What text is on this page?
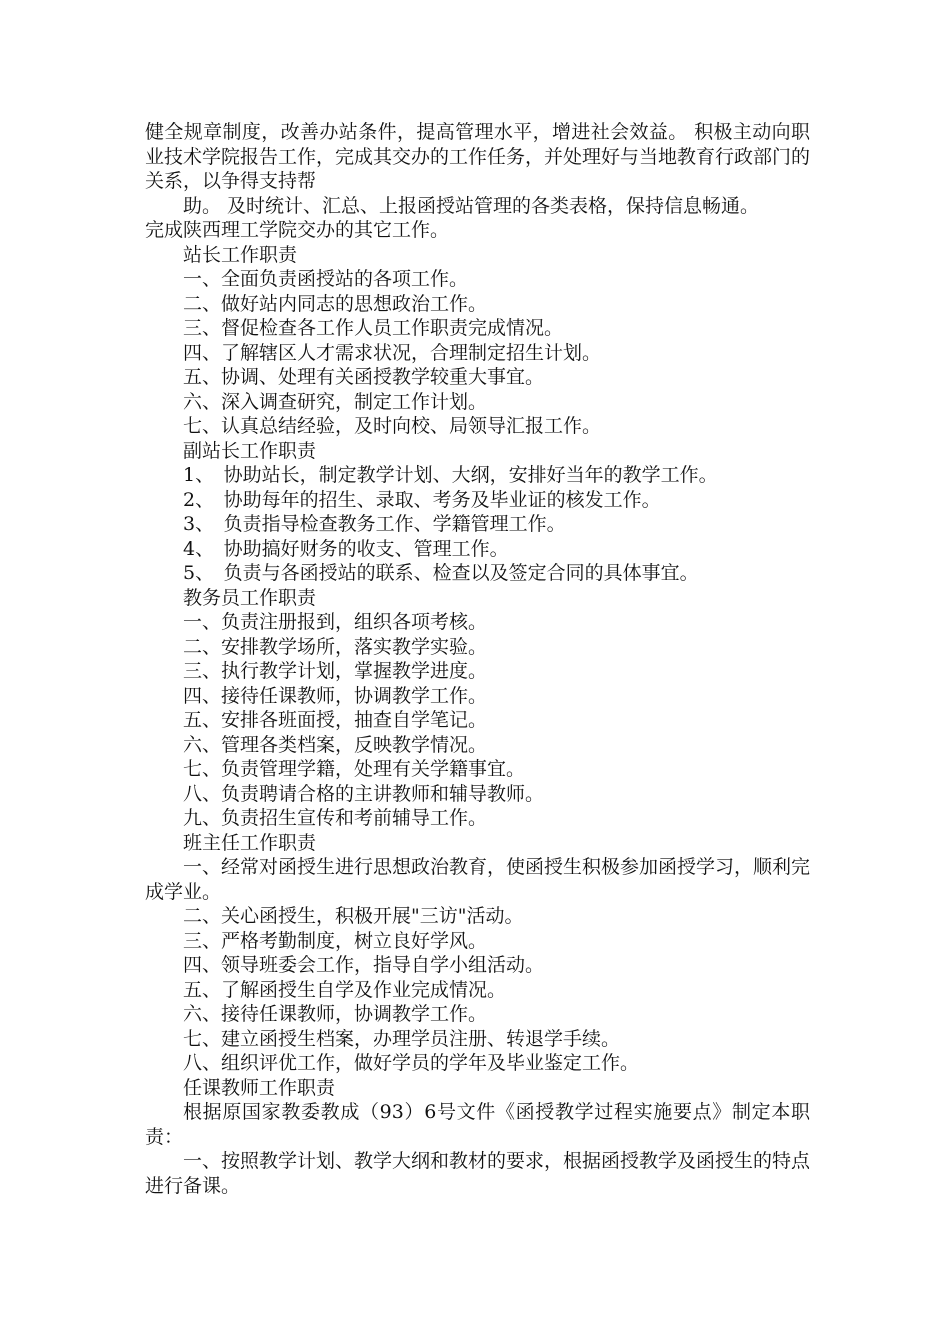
健全规章制度，改善办站条件，提高管理水平，增进社会效益。 积极主动向职业技术学院报告工作，完成其交办的工作任务，并处理好与当地教育行政部门的关系，以争得支持帮

助。 及时统计、汇总、上报函授站管理的各类表格，保持信息畅通。

完成陕西理工学院交办的其它工作。

站长工作职责

一、全面负责函授站的各项工作。

二、做好站内同志的思想政治工作。

三、督促检查各工作人员工作职责完成情况。

四、了解辖区人才需求状况，合理制定招生计划。

五、协调、处理有关函授教学较重大事宜。

六、深入调查研究，制定工作计划。

七、认真总结经验，及时向校、局领导汇报工作。

副站长工作职责

1、　协助站长，制定教学计划、大纲，安排好当年的教学工作。

2、　协助每年的招生、录取、考务及毕业证的核发工作。

3、　负责指导检查教务工作、学籍管理工作。

4、　协助搞好财务的收支、管理工作。

5、　负责与各函授站的联系、检查以及签定合同的具体事宜。

教务员工作职责

一、负责注册报到，组织各项考核。

二、安排教学场所，落实教学实验。

三、执行教学计划，掌握教学进度。

四、接待任课教师，协调教学工作。

五、安排各班面授，抽查自学笔记。

六、管理各类档案，反映教学情况。

七、负责管理学籍，处理有关学籍事宜。

八、负责聘请合格的主讲教师和辅导教师。

九、负责招生宣传和考前辅导工作。

班主任工作职责

一、经常对函授生进行思想政治教育，使函授生积极参加函授学习，顺利完成学业。

二、关心函授生，积极开展"三访"活动。

三、严格考勤制度，树立良好学风。

四、领导班委会工作，指导自学小组活动。

五、了解函授生自学及作业完成情况。

六、接待任课教师，协调教学工作。

七、建立函授生档案，办理学员注册、转退学手续。

八、组织评优工作，做好学员的学年及毕业鉴定工作。

任课教师工作职责

根据原国家教委教成（93）6号文件《函授教学过程实施要点》制定本职责：

一、按照教学计划、教学大纲和教材的要求，根据函授教学及函授生的特点进行备课。
